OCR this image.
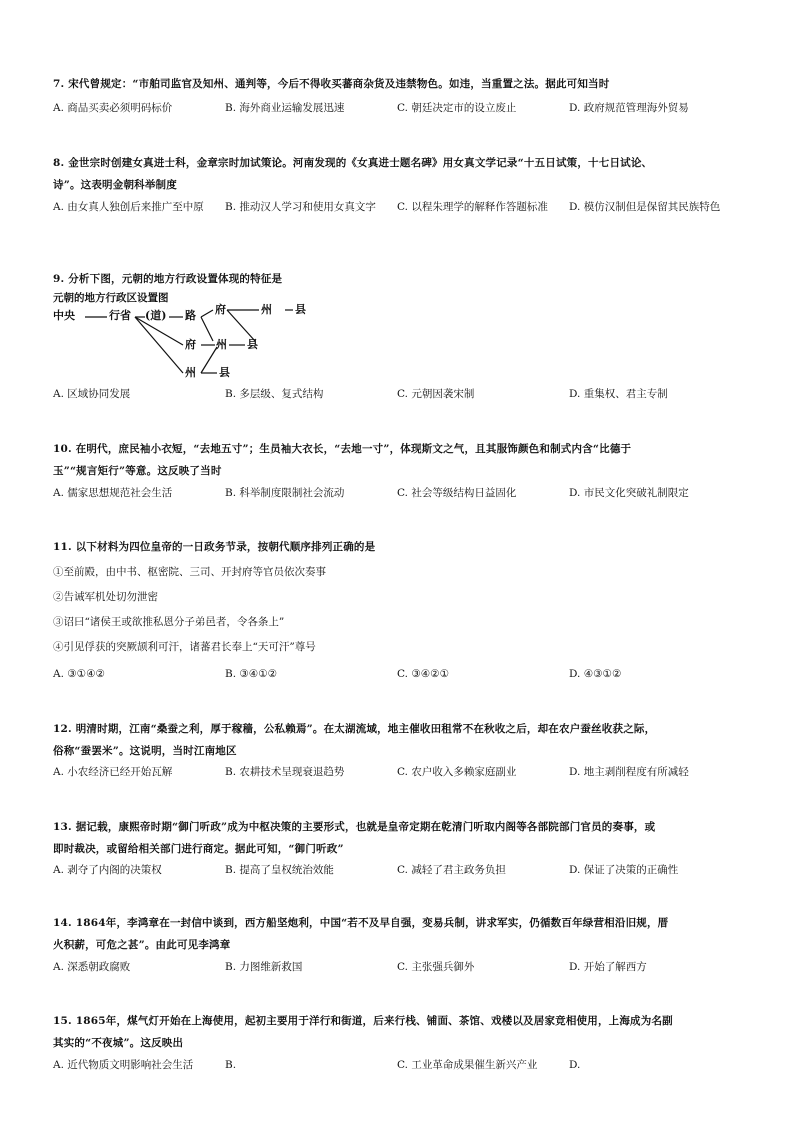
7. 宋代曾规定：“市舶司监官及知州、通判等，今后不得收买蕃商杂货及违禁物色。如违，当重置之法。据此可知当时
A. 商品买卖必须明码标价	B. 海外商业运输发展迅速	C. 朝廷决定市的设立废止	D. 政府规范管理海外贸易
8. 金世宗时创建女真进士科，金章宗时加试策论。河南发现的《女真进士题名碑》用女真文学记录“十五日试策，十七日试论、
诗”。这表明金朝科举制度
A. 由女真人独创后来推广至中原	B. 推动汉人学习和使用女真文字	C. 以程朱理学的解释作答题标准	D. 模仿汉制但是保留其民族特色
9. 分析下图，元朝的地方行政设置体现的特征是
元朝的地方行政区设置图
中央	行省 (道) 路 府	州 县
府 州 县
州 县
A. 区域协同发展	B. 多层级、复式结构	C. 元朝因袭宋制	D. 重集权、君主专制
10. 在明代，庶民袖小衣短，“去地五寸”；生员袖大衣长，“去地一寸”，体现斯文之气，且其服饰颜色和制式内含“比德于
玉”“规言矩行”等意。这反映了当时
A. 儒家思想规范社会生活	B. 科举制度限制社会流动	C. 社会等级结构日益固化	D. 市民文化突破礼制限定
11. 以下材料为四位皇帝的一日政务节录，按朝代顺序排列正确的是
①至前殿，由中书、枢密院、三司、开封府等官员依次奏事
②告诫军机处切勿泄密
③诏曰“诸侯王或欲推私恩分子弟邑者，令各条上”
④引见俘获的突厥颉利可汗，诸蕃君长奉上“天可汗”尊号
A. ③①④②	B. ③④①②	C. ③④②①	D. ④③①②
12. 明清时期，江南“桑蚕之利，厚于稼穑，公私赖焉”。在太湖流域，地主催收田租常不在秋收之后，却在农户蚕丝收获之际，
俗称“蚕罢米”。这说明，当时江南地区
A. 小农经济已经开始瓦解	B. 农耕技术呈现衰退趋势	C. 农户收入多赖家庭副业	D. 地主剥削程度有所减轻
13. 据记载，康熙帝时期“御门听政”成为中枢决策的主要形式，也就是皇帝定期在乾清门听取内阁等各部院部门官员的奏事，或
即时裁决，或留给相关部门进行商定。据此可知，“御门听政”
A. 剥夺了内阁的决策权	B. 提高了皇权统治效能	C. 减轻了君主政务负担	D. 保证了决策的正确性
14. 1864年，李鸿章在一封信中谈到，西方船坚炮利，中国“若不及早自强，变易兵制，讲求军实，仍循数百年绿营相沿旧规，厝
火积薪，可危之甚”。由此可见李鸿章
A. 深悉朝政腐败	B. 力图维新救国	C. 主张强兵御外	D. 开始了解西方
15. 1865年，煤气灯开始在上海使用，起初主要用于洋行和街道，后来行栈、铺面、茶馆、戏楼以及居家竞相使用，上海成为名副
其实的“不夜城”。这反映出
A. 近代物质文明影响社会生活	B.	C. 工业革命成果催生新兴产业	D.
